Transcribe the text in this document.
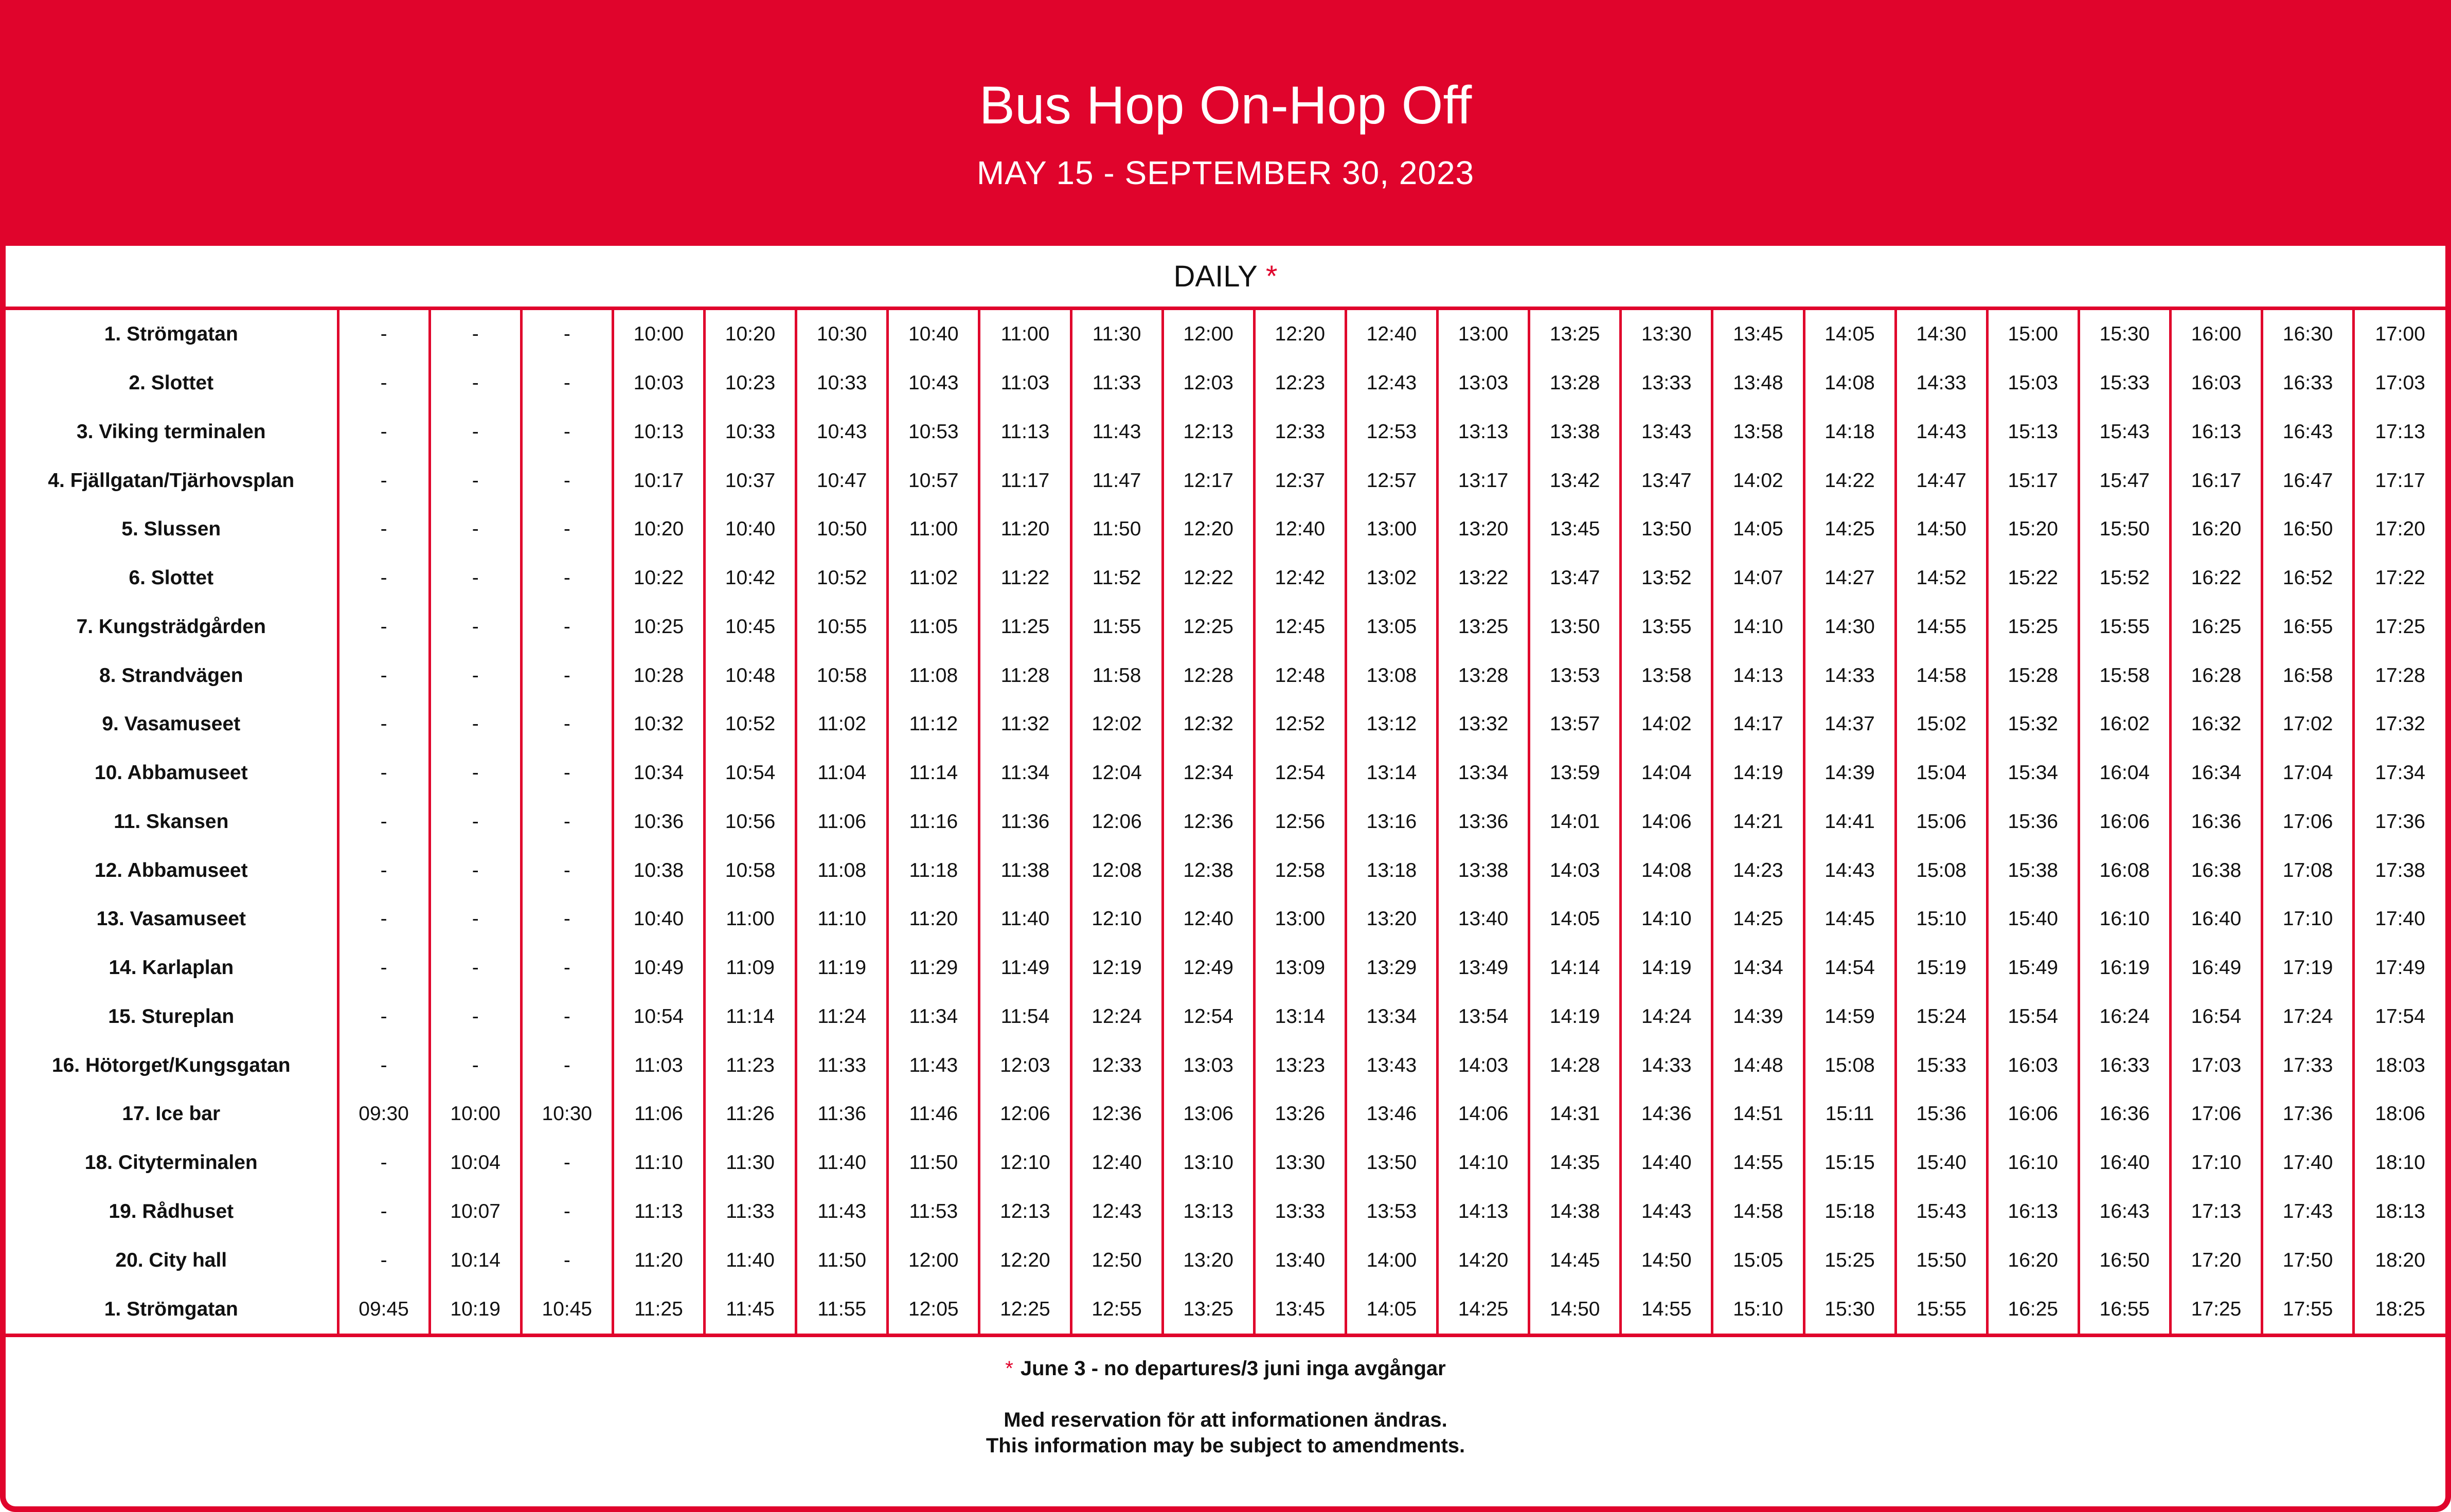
Bus Hop On-Hop Off
MAY 15 - SEPTEMBER 30, 2023
DAILY *
1. Strömgatan	-	-	-	10:00	10:20	10:30	10:40	11:00	11:30	12:00	12:20	12:40	13:00	13:25	13:30	13:45	14:05	14:30	15:00	15:30	16:00	16:30	17:00
2. Slottet	-	-	-	10:03	10:23	10:33	10:43	11:03	11:33	12:03	12:23	12:43	13:03	13:28	13:33	13:48	14:08	14:33	15:03	15:33	16:03	16:33	17:03
3. Viking terminalen	-	-	-	10:13	10:33	10:43	10:53	11:13	11:43	12:13	12:33	12:53	13:13	13:38	13:43	13:58	14:18	14:43	15:13	15:43	16:13	16:43	17:13
4. Fjällgatan/Tjärhovsplan	-	-	-	10:17	10:37	10:47	10:57	11:17	11:47	12:17	12:37	12:57	13:17	13:42	13:47	14:02	14:22	14:47	15:17	15:47	16:17	16:47	17:17
5. Slussen	-	-	-	10:20	10:40	10:50	11:00	11:20	11:50	12:20	12:40	13:00	13:20	13:45	13:50	14:05	14:25	14:50	15:20	15:50	16:20	16:50	17:20
6. Slottet	-	-	-	10:22	10:42	10:52	11:02	11:22	11:52	12:22	12:42	13:02	13:22	13:47	13:52	14:07	14:27	14:52	15:22	15:52	16:22	16:52	17:22
7. Kungsträdgården	-	-	-	10:25	10:45	10:55	11:05	11:25	11:55	12:25	12:45	13:05	13:25	13:50	13:55	14:10	14:30	14:55	15:25	15:55	16:25	16:55	17:25
8. Strandvägen	-	-	-	10:28	10:48	10:58	11:08	11:28	11:58	12:28	12:48	13:08	13:28	13:53	13:58	14:13	14:33	14:58	15:28	15:58	16:28	16:58	17:28
9. Vasamuseet	-	-	-	10:32	10:52	11:02	11:12	11:32	12:02	12:32	12:52	13:12	13:32	13:57	14:02	14:17	14:37	15:02	15:32	16:02	16:32	17:02	17:32
10. Abbamuseet	-	-	-	10:34	10:54	11:04	11:14	11:34	12:04	12:34	12:54	13:14	13:34	13:59	14:04	14:19	14:39	15:04	15:34	16:04	16:34	17:04	17:34
11. Skansen	-	-	-	10:36	10:56	11:06	11:16	11:36	12:06	12:36	12:56	13:16	13:36	14:01	14:06	14:21	14:41	15:06	15:36	16:06	16:36	17:06	17:36
12. Abbamuseet	-	-	-	10:38	10:58	11:08	11:18	11:38	12:08	12:38	12:58	13:18	13:38	14:03	14:08	14:23	14:43	15:08	15:38	16:08	16:38	17:08	17:38
13. Vasamuseet	-	-	-	10:40	11:00	11:10	11:20	11:40	12:10	12:40	13:00	13:20	13:40	14:05	14:10	14:25	14:45	15:10	15:40	16:10	16:40	17:10	17:40
14. Karlaplan	-	-	-	10:49	11:09	11:19	11:29	11:49	12:19	12:49	13:09	13:29	13:49	14:14	14:19	14:34	14:54	15:19	15:49	16:19	16:49	17:19	17:49
15. Stureplan	-	-	-	10:54	11:14	11:24	11:34	11:54	12:24	12:54	13:14	13:34	13:54	14:19	14:24	14:39	14:59	15:24	15:54	16:24	16:54	17:24	17:54
16. Hötorget/Kungsgatan	-	-	-	11:03	11:23	11:33	11:43	12:03	12:33	13:03	13:23	13:43	14:03	14:28	14:33	14:48	15:08	15:33	16:03	16:33	17:03	17:33	18:03
17. Ice bar	09:30	10:00	10:30	11:06	11:26	11:36	11:46	12:06	12:36	13:06	13:26	13:46	14:06	14:31	14:36	14:51	15:11	15:36	16:06	16:36	17:06	17:36	18:06
18. Cityterminalen	-	10:04	-	11:10	11:30	11:40	11:50	12:10	12:40	13:10	13:30	13:50	14:10	14:35	14:40	14:55	15:15	15:40	16:10	16:40	17:10	17:40	18:10
19. Rådhuset	-	10:07	-	11:13	11:33	11:43	11:53	12:13	12:43	13:13	13:33	13:53	14:13	14:38	14:43	14:58	15:18	15:43	16:13	16:43	17:13	17:43	18:13
20. City hall	-	10:14	-	11:20	11:40	11:50	12:00	12:20	12:50	13:20	13:40	14:00	14:20	14:45	14:50	15:05	15:25	15:50	16:20	16:50	17:20	17:50	18:20
1. Strömgatan	09:45	10:19	10:45	11:25	11:45	11:55	12:05	12:25	12:55	13:25	13:45	14:05	14:25	14:50	14:55	15:10	15:30	15:55	16:25	16:55	17:25	17:55	18:25
* June 3 - no departures/3 juni inga avgångar
Med reservation för att informationen ändras.
This information may be subject to amendments.
